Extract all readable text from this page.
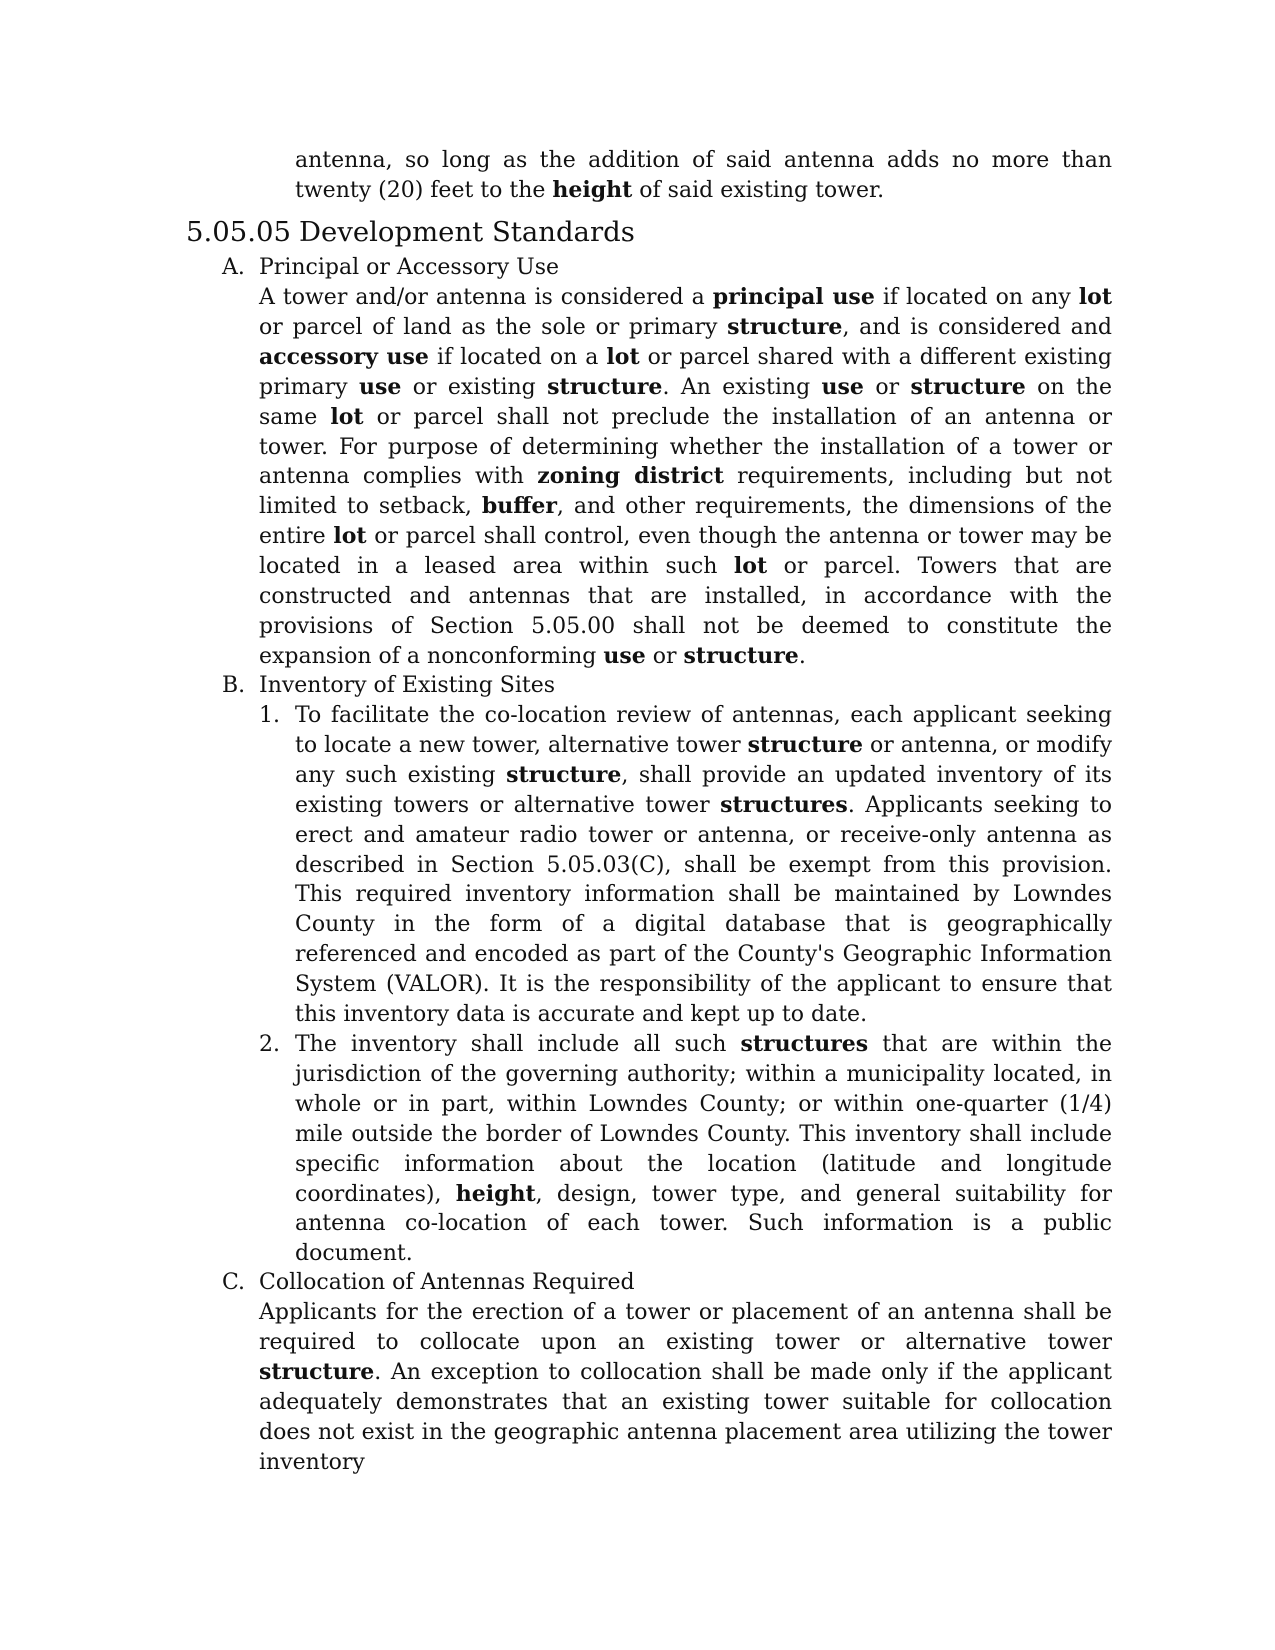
antenna, so long as the addition of said antenna adds no more than twenty (20) feet to the height of said existing tower.

5.05.05 Development Standards
A. Principal or Accessory Use

A tower and/or antenna is considered a principal use if located on any lot or parcel of land as the sole or primary structure, and is considered and accessory use if located on a lot or parcel shared with a different existing primary use or existing structure. An existing use or structure on the same lot or parcel shall not preclude the installation of an antenna or tower. For purpose of determining whether the installation of a tower or antenna complies with zoning district requirements, including but not limited to setback, buffer, and other requirements, the dimensions of the entire lot or parcel shall control, even though the antenna or tower may be located in a leased area within such lot or parcel. Towers that are constructed and antennas that are installed, in accordance with the provisions of Section 5.05.00 shall not be deemed to constitute the expansion of a nonconforming use or structure.

B. Inventory of Existing Sites
1. To facilitate the co-location review of antennas, each applicant seeking to locate a new tower, alternative tower structure or antenna, or modify any such existing structure, shall provide an updated inventory of its existing towers or alternative tower structures. Applicants seeking to erect and amateur radio tower or antenna, or receive-only antenna as described in Section 5.05.03(C), shall be exempt from this provision. This required inventory information shall be maintained by Lowndes County in the form of a digital database that is geographically referenced and encoded as part of the County's Geographic Information System (VALOR). It is the responsibility of the applicant to ensure that this inventory data is accurate and kept up to date.

2. The inventory shall include all such structures that are within the jurisdiction of the governing authority; within a municipality located, in whole or in part, within Lowndes County; or within one-quarter (1/4) mile outside the border of Lowndes County. This inventory shall include specific information about the location (latitude and longitude coordinates), height, design, tower type, and general suitability for antenna co-location of each tower. Such information is a public document.

C. Collocation of Antennas Required

Applicants for the erection of a tower or placement of an antenna shall be required to collocate upon an existing tower or alternative tower structure. An exception to collocation shall be made only if the applicant adequately demonstrates that an existing tower suitable for collocation does not exist in the geographic antenna placement area utilizing the tower inventory
